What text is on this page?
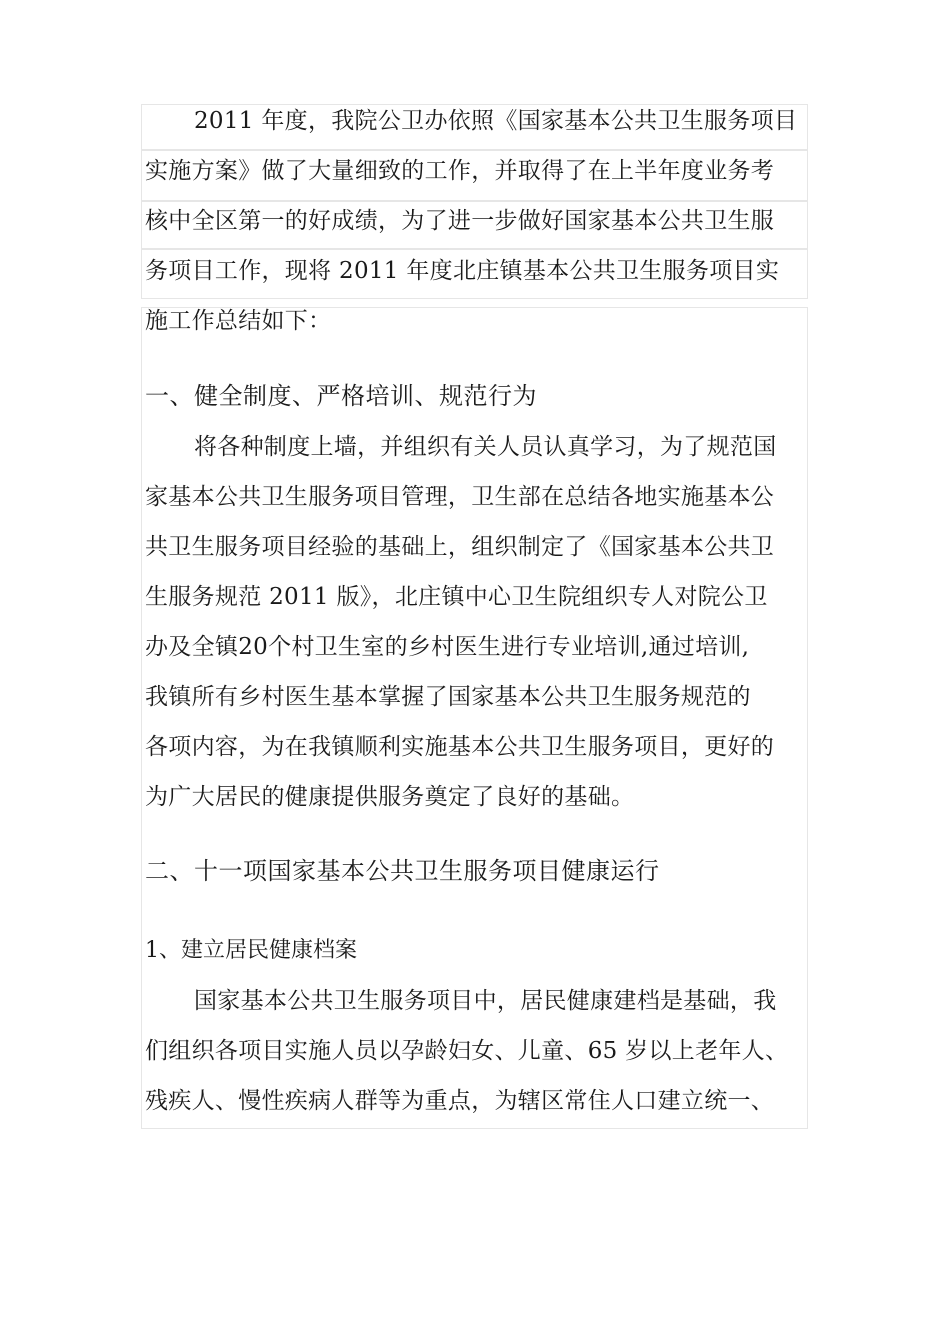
2011 年度，我院公卫办依照《国家基本公共卫生服务项目
实施方案》做了大量细致的工作，并取得了在上半年度业务考
核中全区第一的好成绩，为了进一步做好国家基本公共卫生服
务项目工作，现将 2011 年度北庄镇基本公共卫生服务项目实
施工作总结如下：
一、健全制度、严格培训、规范行为
将各种制度上墙，并组织有关人员认真学习，为了规范国
家基本公共卫生服务项目管理，卫生部在总结各地实施基本公
共卫生服务项目经验的基础上，组织制定了《国家基本公共卫
生服务规范 2011 版》，北庄镇中心卫生院组织专人对院公卫
办及全镇20个村卫生室的乡村医生进行专业培训,通过培训,
我镇所有乡村医生基本掌握了国家基本公共卫生服务规范的
各项内容，为在我镇顺利实施基本公共卫生服务项目，更好的
为广大居民的健康提供服务奠定了良好的基础。
二、十一项国家基本公共卫生服务项目健康运行
1、建立居民健康档案
国家基本公共卫生服务项目中，居民健康建档是基础，我
们组织各项目实施人员以孕龄妇女、儿童、65 岁以上老年人、
残疾人、慢性疾病人群等为重点，为辖区常住人口建立统一、
